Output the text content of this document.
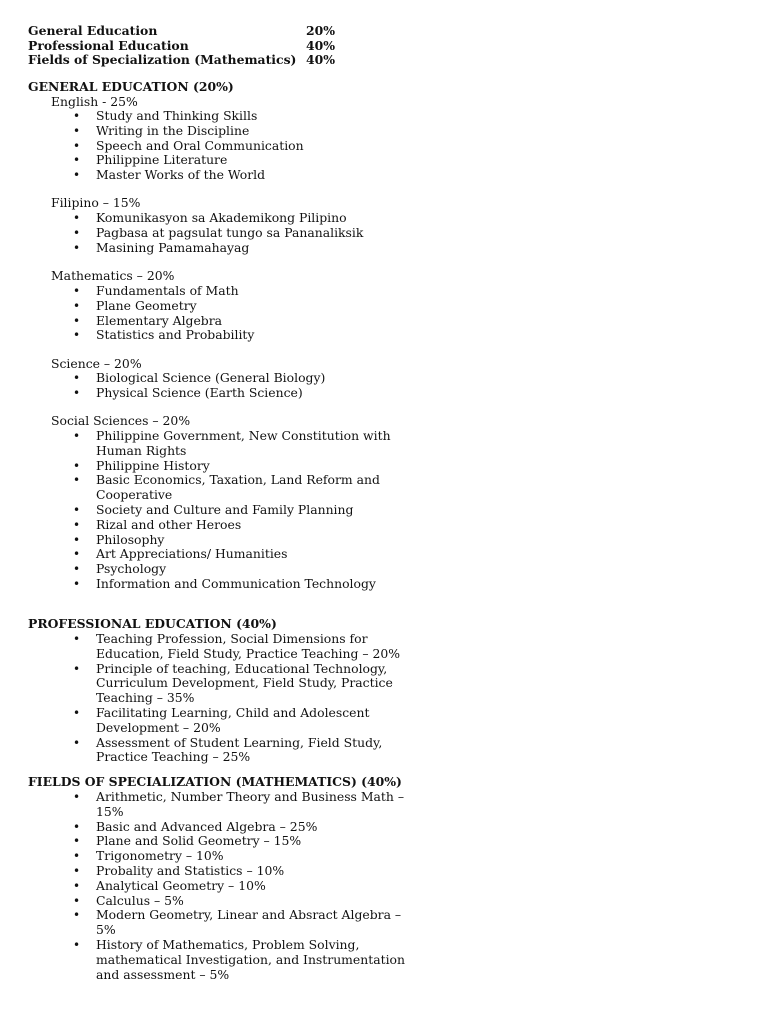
General Education	20%
Professional Education	40%
Fields of Specialization (Mathematics) 40%
GENERAL EDUCATION (20%)
English - 25%
• Study and Thinking Skills
• Writing in the Discipline
• Speech and Oral Communication
• Philippine Literature
• Master Works of the World
Filipino – 15%
• Komunikasyon sa Akademikong Pilipino
• Pagbasa at pagsulat tungo sa Pananaliksik
• Masining Pamamahayag
Mathematics – 20%
• Fundamentals of Math
• Plane Geometry
• Elementary Algebra
• Statistics and Probability
Science – 20%
• Biological Science (General Biology)
• Physical Science (Earth Science)
Social Sciences – 20%
• Philippine Government, New Constitution with Human Rights
• Philippine History
• Basic Economics, Taxation, Land Reform and Cooperative
• Society and Culture and Family Planning
• Rizal and other Heroes
• Philosophy
• Art Appreciations/ Humanities
• Psychology
• Information and Communication Technology
PROFESSIONAL EDUCATION (40%)
• Teaching Profession, Social Dimensions for Education, Field Study, Practice Teaching – 20%
• Principle of teaching, Educational Technology, Curriculum Development, Field Study, Practice Teaching – 35%
• Facilitating Learning, Child and Adolescent Development – 20%
• Assessment of Student Learning, Field Study, Practice Teaching – 25%
FIELDS OF SPECIALIZATION (MATHEMATICS) (40%)
• Arithmetic, Number Theory and Business Math – 15%
• Basic and Advanced Algebra – 25%
• Plane and Solid Geometry – 15%
• Trigonometry – 10%
• Probality and Statistics – 10%
• Analytical Geometry – 10%
• Calculus – 5%
• Modern Geometry, Linear and Absract Algebra – 5%
• History of Mathematics, Problem Solving, mathematical Investigation, and Instrumentation and assessment – 5%
